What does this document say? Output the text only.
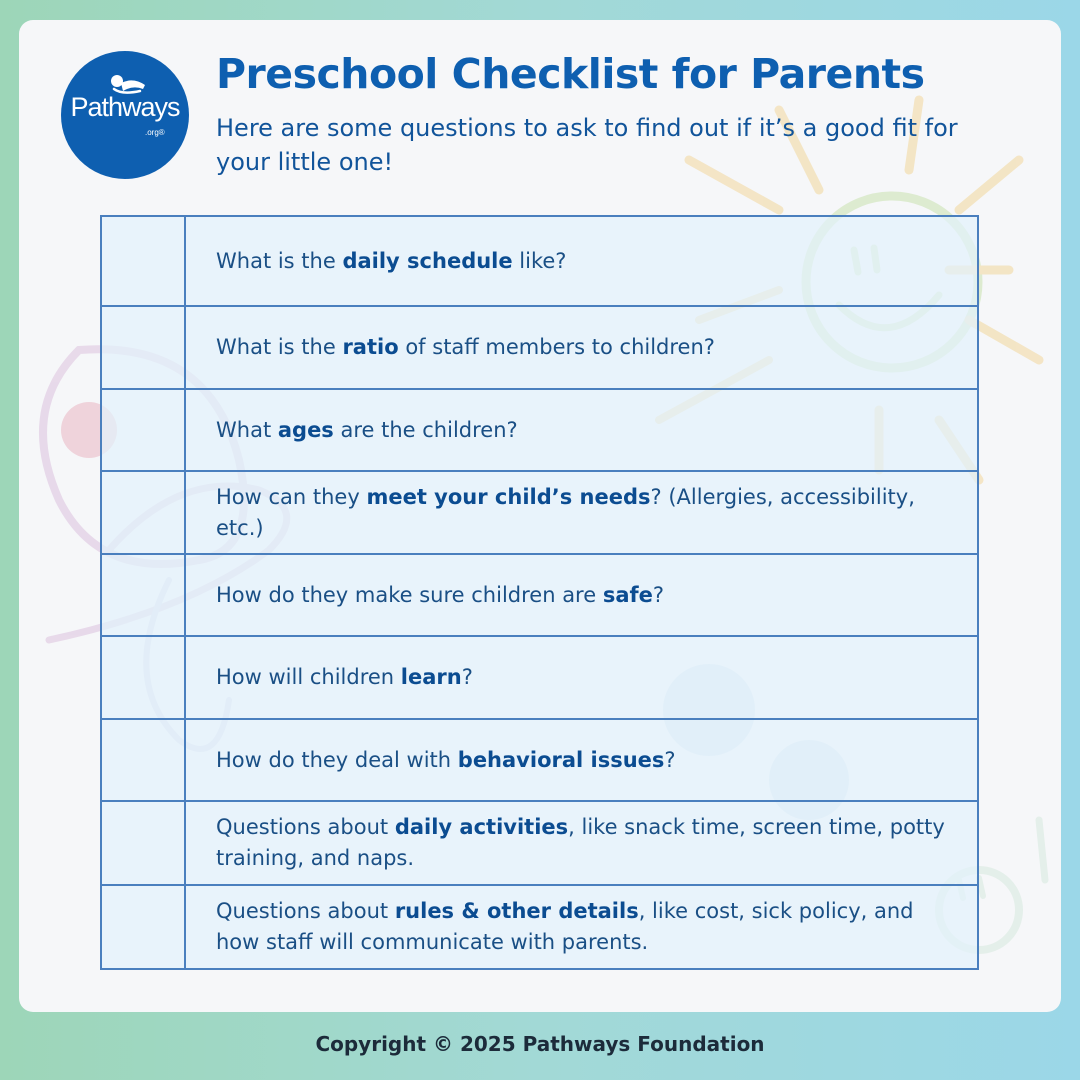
Pathways
.org®
Preschool Checklist for Parents
Here are some questions to ask to find out if it’s a good fit for your little one!
What is the daily schedule like?
What is the ratio of staff members to children?
What ages are the children?
How can they meet your child’s needs? (Allergies, accessibility, etc.)
How do they make sure children are safe?
How will children learn?
How do they deal with behavioral issues?
Questions about daily activities, like snack time, screen time, potty training, and naps.
Questions about rules & other details, like cost, sick policy, and how staff will communicate with parents.
Copyright © 2025 Pathways Foundation
